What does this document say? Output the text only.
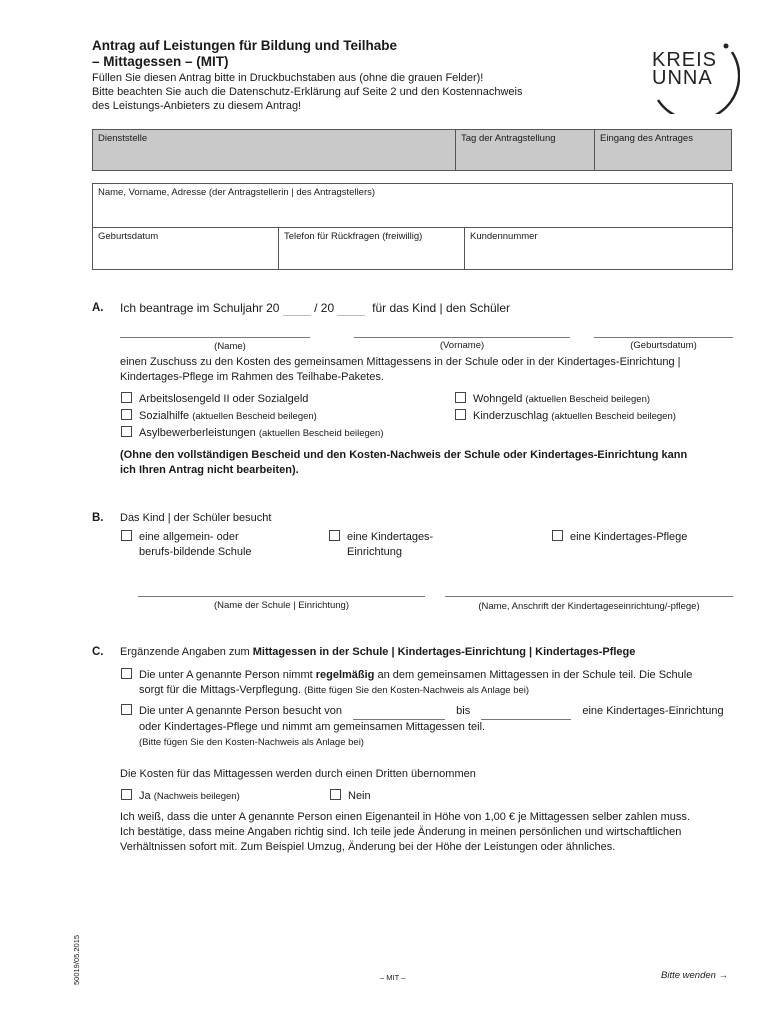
Antrag auf Leistungen für Bildung und Teilhabe
– Mittagessen – (MIT)
Füllen Sie diesen Antrag bitte in Druckbuchstaben aus (ohne die grauen Felder)!
Bitte beachten Sie auch die Datenschutz-Erklärung auf Seite 2 und den Kostennachweis
des Leistungs-Anbieters zu diesem Antrag!
KREIS
UNNA
Dienststelle	Tag der Antragstellung	Eingang des Antrages
Name, Vorname, Adresse (der Antragstellerin | des Antragstellers)
Geburtsdatum	Telefon für Rückfragen (freiwillig)	Kundennummer
A. Ich beantrage im Schuljahr 20	/ 20	für das Kind | den Schüler
(Name)	(Vorname)	(Geburtsdatum)
einen Zuschuss zu den Kosten des gemeinsamen Mittagessens in der Schule oder in der Kindertages-Einrichtung |
Kindertages-Pflege im Rahmen des Teilhabe-Paketes.
Arbeitslosengeld II oder Sozialgeld
Sozialhilfe (aktuellen Bescheid beilegen)
Asylbewerberleistungen (aktuellen Bescheid beilegen)
Wohngeld (aktuellen Bescheid beilegen)
Kinderzuschlag (aktuellen Bescheid beilegen)
(Ohne den vollständigen Bescheid und den Kosten-Nachweis der Schule oder Kindertages-Einrichtung kann
ich Ihren Antrag nicht bearbeiten).
B. Das Kind | der Schüler besucht
eine allgemein- oder
berufs-bildende Schule
eine Kindertages-
Einrichtung
eine Kindertages-Pflege
(Name der Schule | Einrichtung)	(Name, Anschrift der Kindertageseinrichtung/-pflege)
C. Ergänzende Angaben zum Mittagessen in der Schule | Kindertages-Einrichtung | Kindertages-Pflege
Die unter A genannte Person nimmt regelmäßig an dem gemeinsamen Mittagessen in der Schule teil. Die Schule
sorgt für die Mittags-Verpflegung. (Bitte fügen Sie den Kosten-Nachweis als Anlage bei)
Die unter A genannte Person besucht von	bis	eine Kindertages-Einrichtung
oder Kindertages-Pflege und nimmt am gemeinsamen Mittagessen teil.
(Bitte fügen Sie den Kosten-Nachweis als Anlage bei)
Die Kosten für das Mittagessen werden durch einen Dritten übernommen
Ja (Nachweis beilegen)	Nein
Ich weiß, dass die unter A genannte Person einen Eigenanteil in Höhe von 1,00 € je Mittagessen selber zahlen muss.
Ich bestätige, dass meine Angaben richtig sind. Ich teile jede Änderung in meinen persönlichen und wirtschaftlichen
Verhältnissen sofort mit. Zum Beispiel Umzug, Änderung bei der Höhe der Leistungen oder ähnliches.
50019/05.2015	– MIT –	Bitte wenden →
